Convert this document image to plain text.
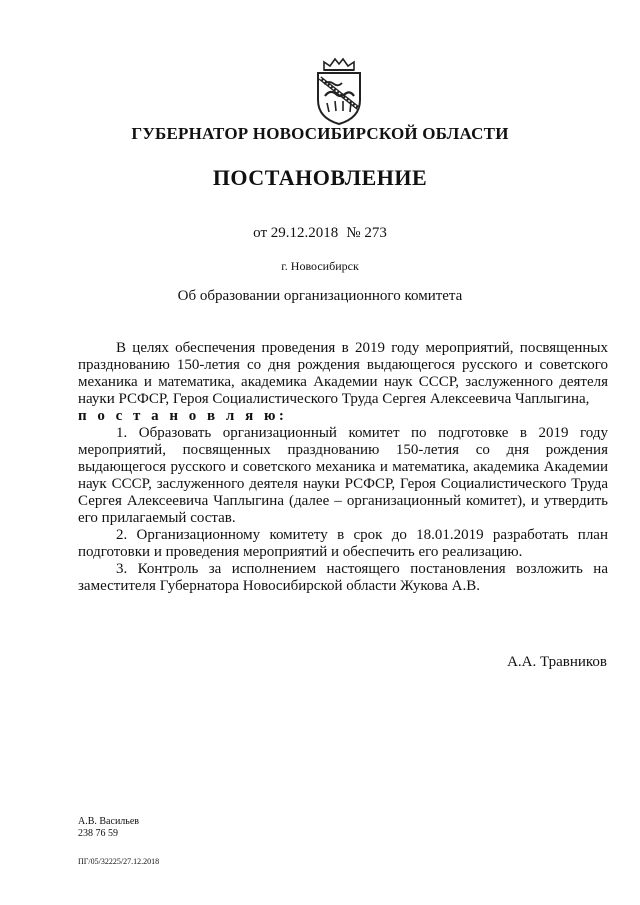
ГУБЕРНАТОР НОВОСИБИРСКОЙ ОБЛАСТИ
ПОСТАНОВЛЕНИЕ
от 29.12.2018 № 273
г. Новосибирск
Об образовании организационного комитета

В целях обеспечения проведения в 2019 году мероприятий, посвященных празднованию 150-летия со дня рождения выдающегося русского и советского механика и математика, академика Академии наук СССР, заслуженного деятеля науки РСФСР, Героя Социалистического Труда Сергея Алексеевича Чаплыгина,

п о с т а н о в л я ю:

1. Образовать организационный комитет по подготовке в 2019 году мероприятий, посвященных празднованию 150-летия со дня рождения выдающегося русского и советского механика и математика, академика Академии наук СССР, заслуженного деятеля науки РСФСР, Героя Социалистического Труда Сергея Алексеевича Чаплыгина (далее – организационный комитет), и утвердить его прилагаемый состав.

2. Организационному комитету в срок до 18.01.2019 разработать план подготовки и проведения мероприятий и обеспечить его реализацию.

3. Контроль за исполнением настоящего постановления возложить на заместителя Губернатора Новосибирской области Жукова А.В.

А.А. Травников
А.В. Васильев
238 76 59
ПГ/05/32225/27.12.2018
